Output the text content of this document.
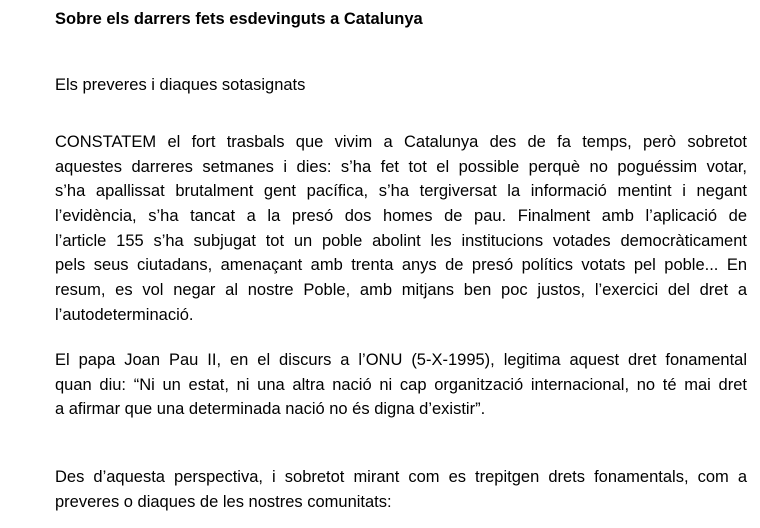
Sobre els darrers fets esdevinguts a Catalunya
Els preveres i diaques sotasignats
CONSTATEM el fort trasbals que vivim a Catalunya des de fa temps, però sobretot
aquestes darreres setmanes i dies: s’ha fet tot el possible perquè no poguéssim votar,
s’ha apallissat brutalment gent pacífica, s’ha tergiversat la informació mentint i negant
l’evidència, s’ha tancat a la presó dos homes de pau. Finalment amb l’aplicació de
l’article 155 s’ha subjugat tot un poble abolint les institucions votades democràticament
pels seus ciutadans, amenaçant amb trenta anys de presó polítics votats pel poble... En
resum, es vol negar al nostre Poble, amb mitjans ben poc justos, l’exercici del dret a
l’autodeterminació.
El papa Joan Pau II, en el discurs a l’ONU (5-X-1995), legitima aquest dret fonamental
quan diu: “Ni un estat, ni una altra nació ni cap organització internacional, no té mai dret
a afirmar que una determinada nació no és digna d’existir”.
Des d’aquesta perspectiva, i sobretot mirant com es trepitgen drets fonamentals, com a
preveres o diaques de les nostres comunitats:
